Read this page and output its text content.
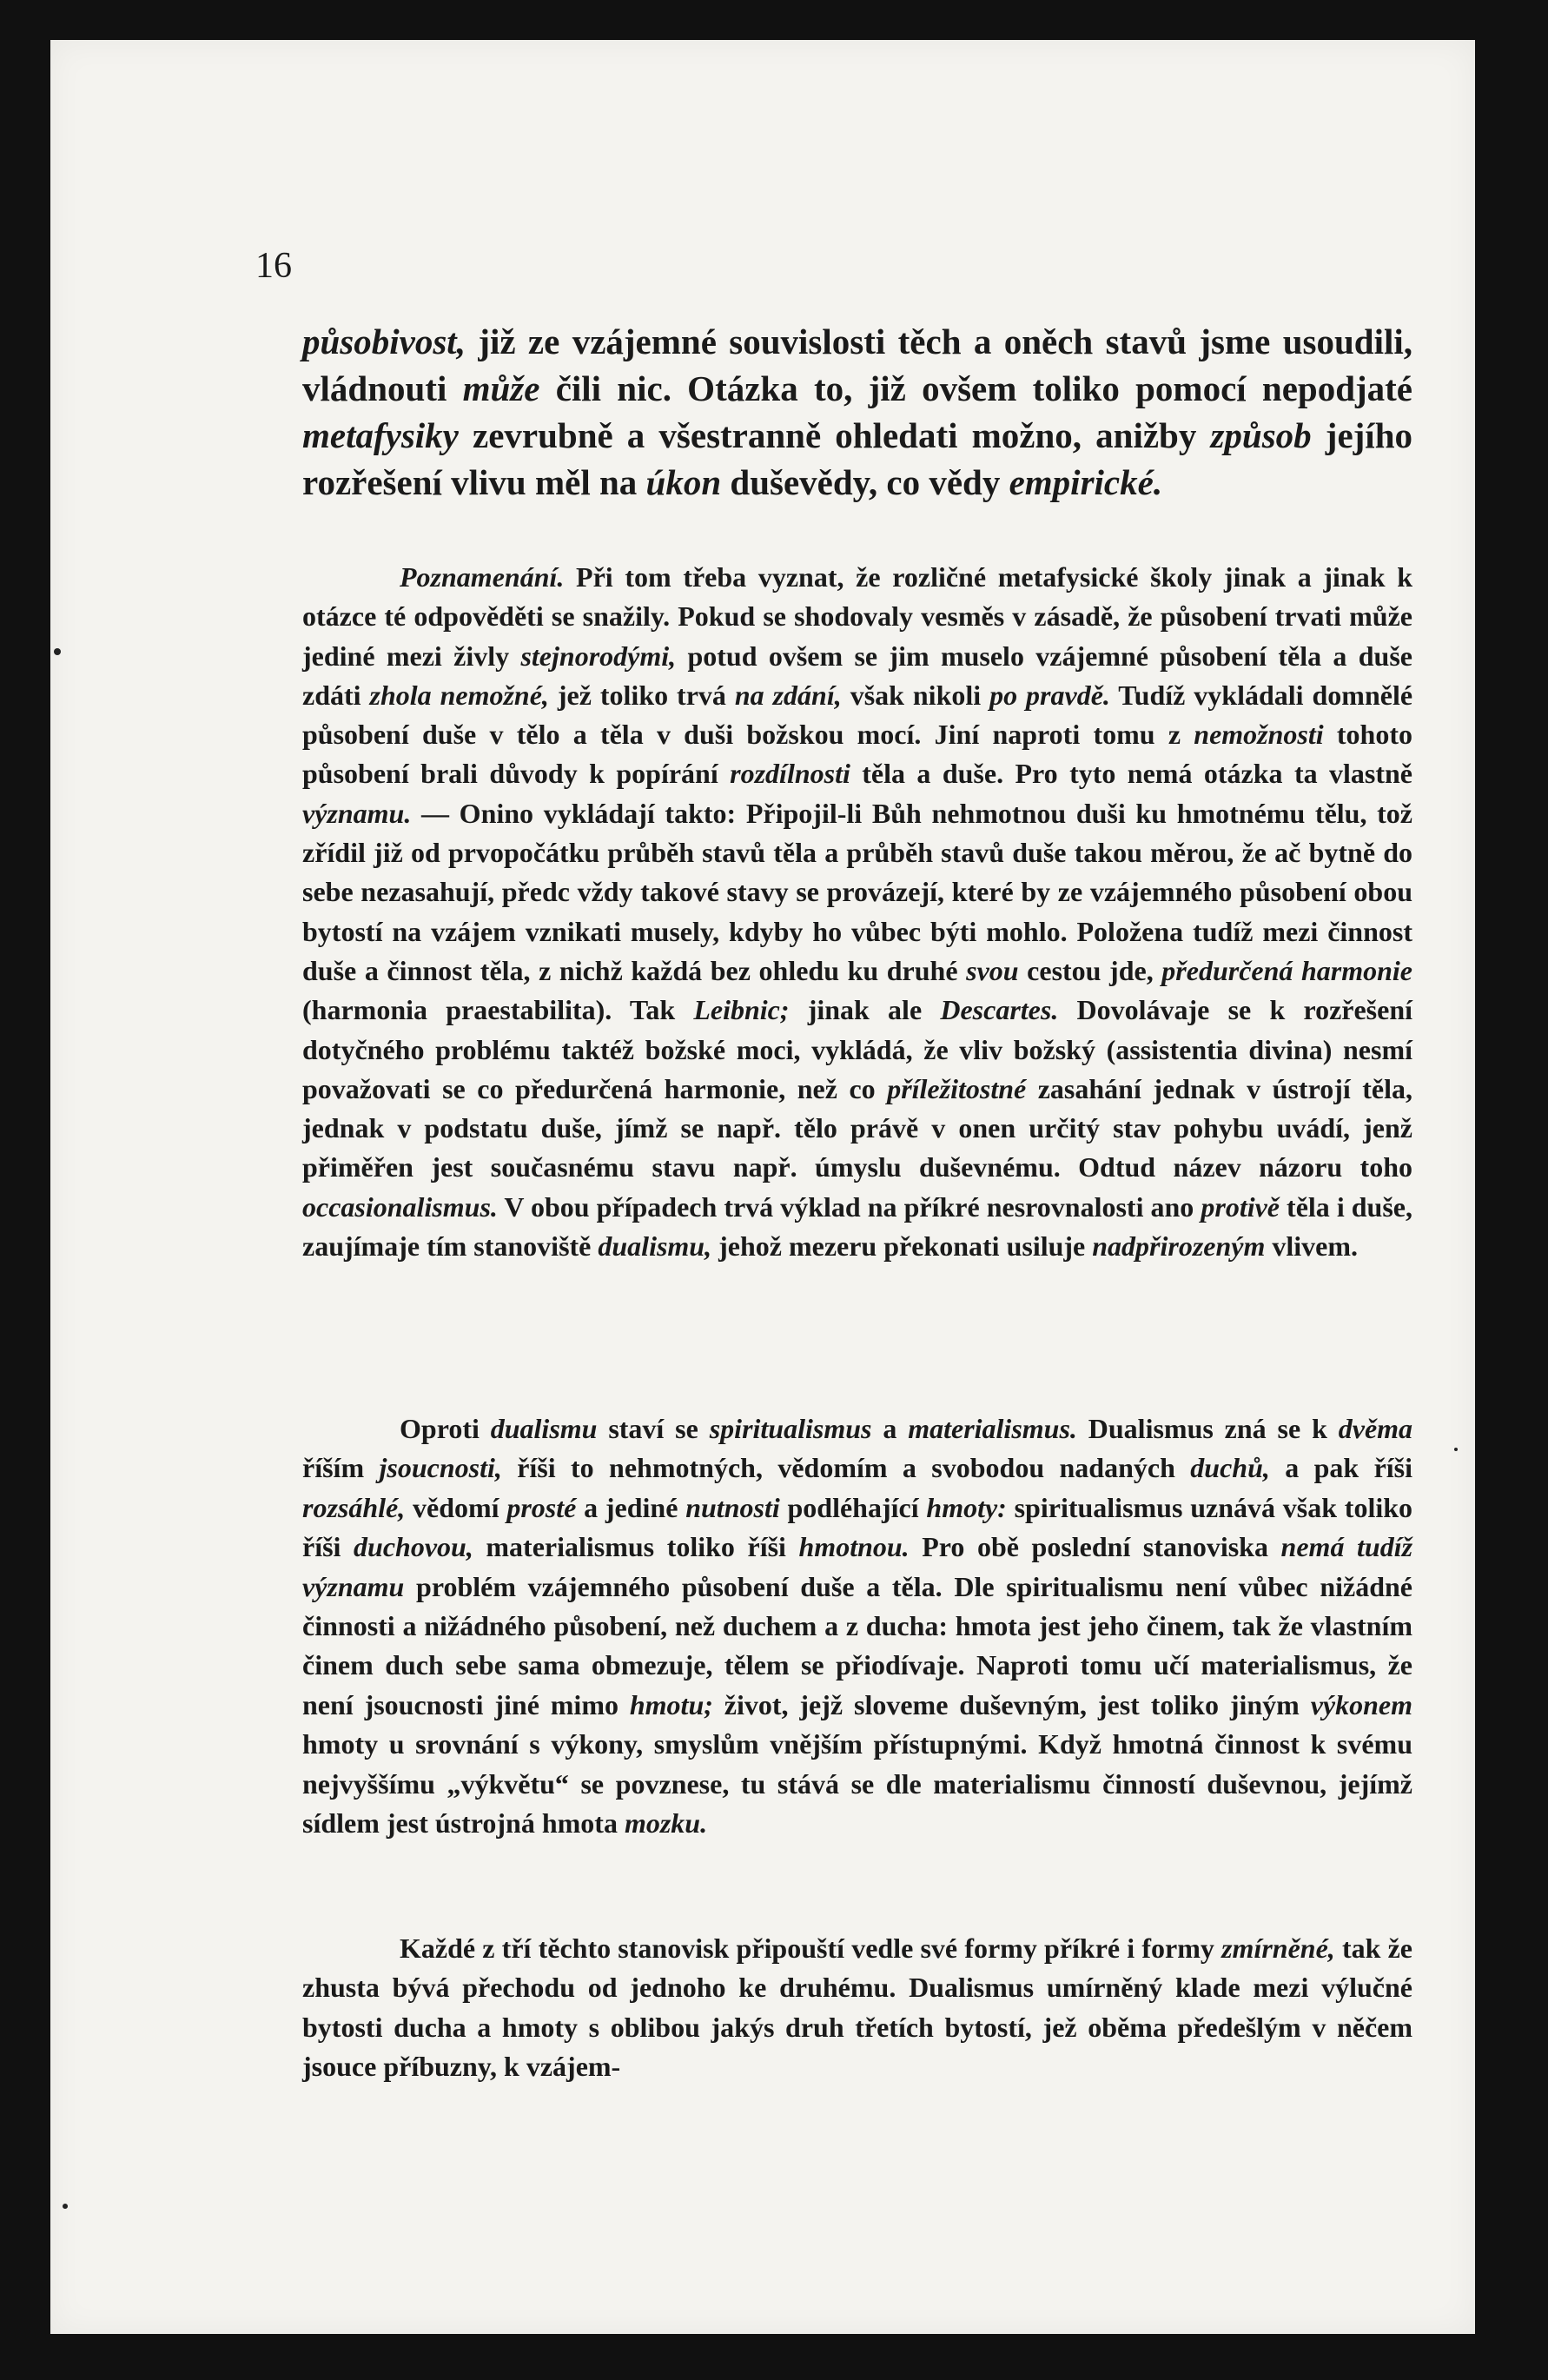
16

působivost, již ze vzájemné souvislosti těch a oněch stavů jsme usoudili, vládnouti může čili nic. Otázka to, již ovšem toliko pomocí nepodjaté metafysiky zevrubně a všestranně ohledati možno, anižby způsob jejího rozřešení vlivu měl na úkon duševědy, co vědy empirické.

Poznamenání. Při tom třeba vyznat, že rozličné metafysické školy jinak a jinak k otázce té odpověděti se snažily. Pokud se shodovaly vesměs v zásadě, že působení trvati může jediné mezi živly stejnorodými, potud ovšem se jim muselo vzájemné působení těla a duše zdáti zhola nemožné, jež toliko trvá na zdání, však nikoli po pravdě. Tudíž vykládali domnělé působení duše v tělo a těla v duši božskou mocí. Jiní naproti tomu z nemožnosti tohoto působení brali důvody k popírání rozdílnosti těla a duše. Pro tyto nemá otázka ta vlastně významu. — Onino vykládají takto: Připojil-li Bůh nehmotnou duši ku hmotnému tělu, tož zřídil již od prvopočátku průběh stavů těla a průběh stavů duše takou měrou, že ač bytně do sebe nezasahují, předc vždy takové stavy se provázejí, které by ze vzájemného působení obou bytostí na vzájem vznikati musely, kdyby ho vůbec býti mohlo. Položena tudíž mezi činnost duše a činnost těla, z nichž každá bez ohledu ku druhé svou cestou jde, předurčená harmonie (harmonia praestabilita). Tak Leibnic; jinak ale Descartes. Dovolávaje se k rozřešení dotyčného problému taktéž božské moci, vykládá, že vliv božský (assistentia divina) nesmí považovati se co předurčená harmonie, než co příležitostné zasahání jednak v ústrojí těla, jednak v podstatu duše, jímž se např. tělo právě v onen určitý stav pohybu uvádí, jenž přiměřen jest současnému stavu např. úmyslu duševnému. Odtud název názoru toho occasionalismus. V obou případech trvá výklad na příkré nesrovnalosti ano protivě těla i duše, zaujímaje tím stanoviště dualismu, jehož mezeru překonati usiluje nadpřirozeným vlivem.

Oproti dualismu staví se spiritualismus a materialismus. Dualismus zná se k dvěma říším jsoucnosti, říši to nehmotných, vědomím a svobodou nadaných duchů, a pak říši rozsáhlé, vědomí prosté a jediné nutnosti podléhající hmoty: spiritualismus uznává však toliko říši duchovou, materialismus toliko říši hmotnou. Pro obě poslední stanoviska nemá tudíž významu problém vzájemného působení duše a těla. Dle spiritualismu není vůbec nižádné činnosti a nižádného působení, než duchem a z ducha: hmota jest jeho činem, tak že vlastním činem duch sebe sama obmezuje, tělem se přiodívaje. Naproti tomu učí materialismus, že není jsoucnosti jiné mimo hmotu; život, jejž sloveme duševným, jest toliko jiným výkonem hmoty u srovnání s výkony, smyslům vnějším přístupnými. Když hmotná činnost k svému nejvyššímu „výkvětu“ se povznese, tu stává se dle materialismu činností duševnou, jejímž sídlem jest ústrojná hmota mozku.

Každé z tří těchto stanovisk připouští vedle své formy příkré i formy zmírněné, tak že zhusta bývá přechodu od jednoho ke druhému. Dualismus umírněný klade mezi výlučné bytosti ducha a hmoty s oblibou jakýs druh třetích bytostí, jež oběma předešlým v něčem jsouce příbuzny, k vzájem-
